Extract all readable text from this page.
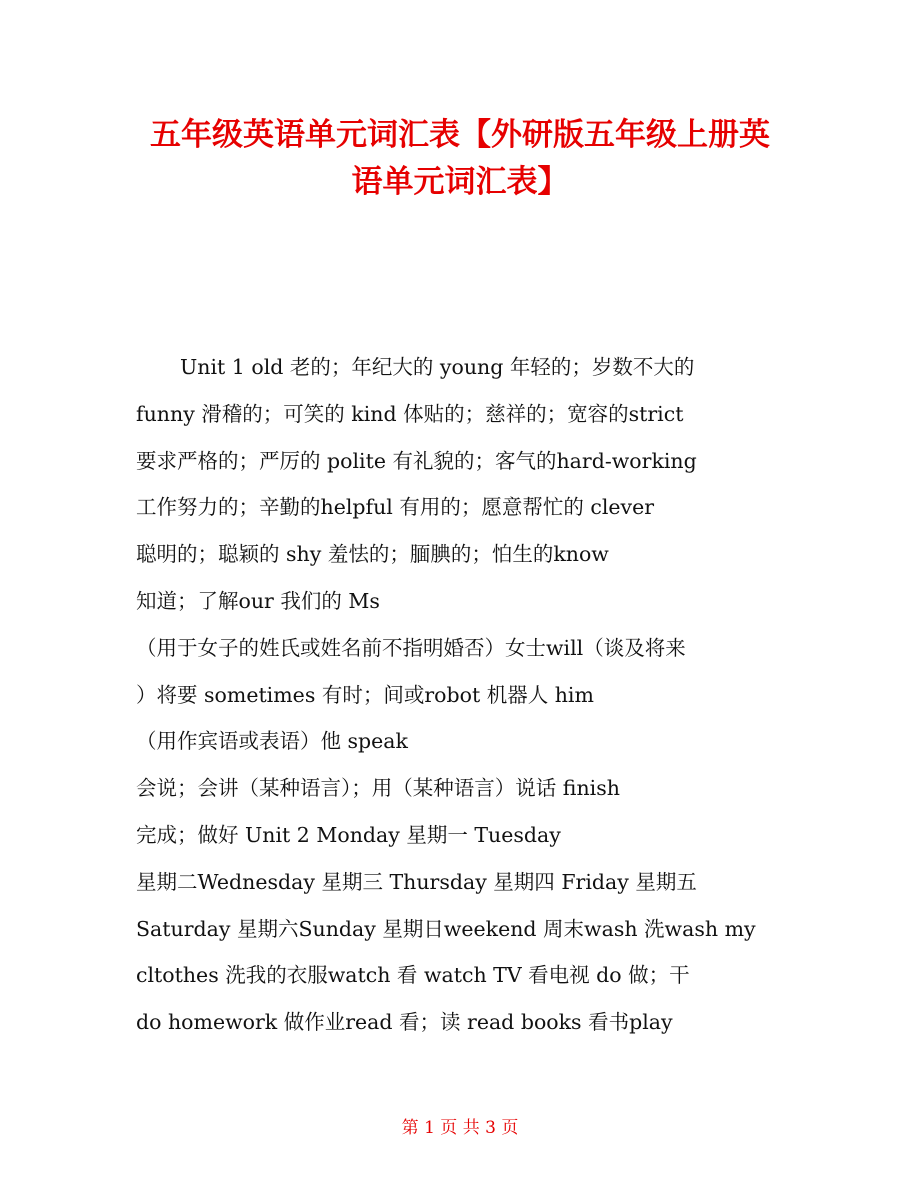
五年级英语单元词汇表【外研版五年级上册英
语单元词汇表】
Unit 1 old 老的；年纪大的 young 年轻的；岁数不大的
funny 滑稽的；可笑的 kind 体贴的；慈祥的；宽容的strict
要求严格的；严厉的 polite 有礼貌的；客气的hard-working
工作努力的；辛勤的helpful 有用的；愿意帮忙的 clever
聪明的；聪颖的 shy 羞怯的；腼腆的；怕生的know
知道；了解our 我们的 Ms
（用于女子的姓氏或姓名前不指明婚否）女士will（谈及将来
）将要 sometimes 有时；间或robot 机器人 him
（用作宾语或表语）他 speak
会说；会讲（某种语言）；用（某种语言）说话 finish
完成；做好 Unit 2 Monday 星期一 Tuesday
星期二Wednesday 星期三 Thursday 星期四 Friday 星期五
Saturday 星期六Sunday 星期日weekend 周末wash 洗wash my
cltothes 洗我的衣服watch 看 watch TV 看电视 do 做；干
do homework 做作业read 看；读 read books 看书play
第 1 页 共 3 页
